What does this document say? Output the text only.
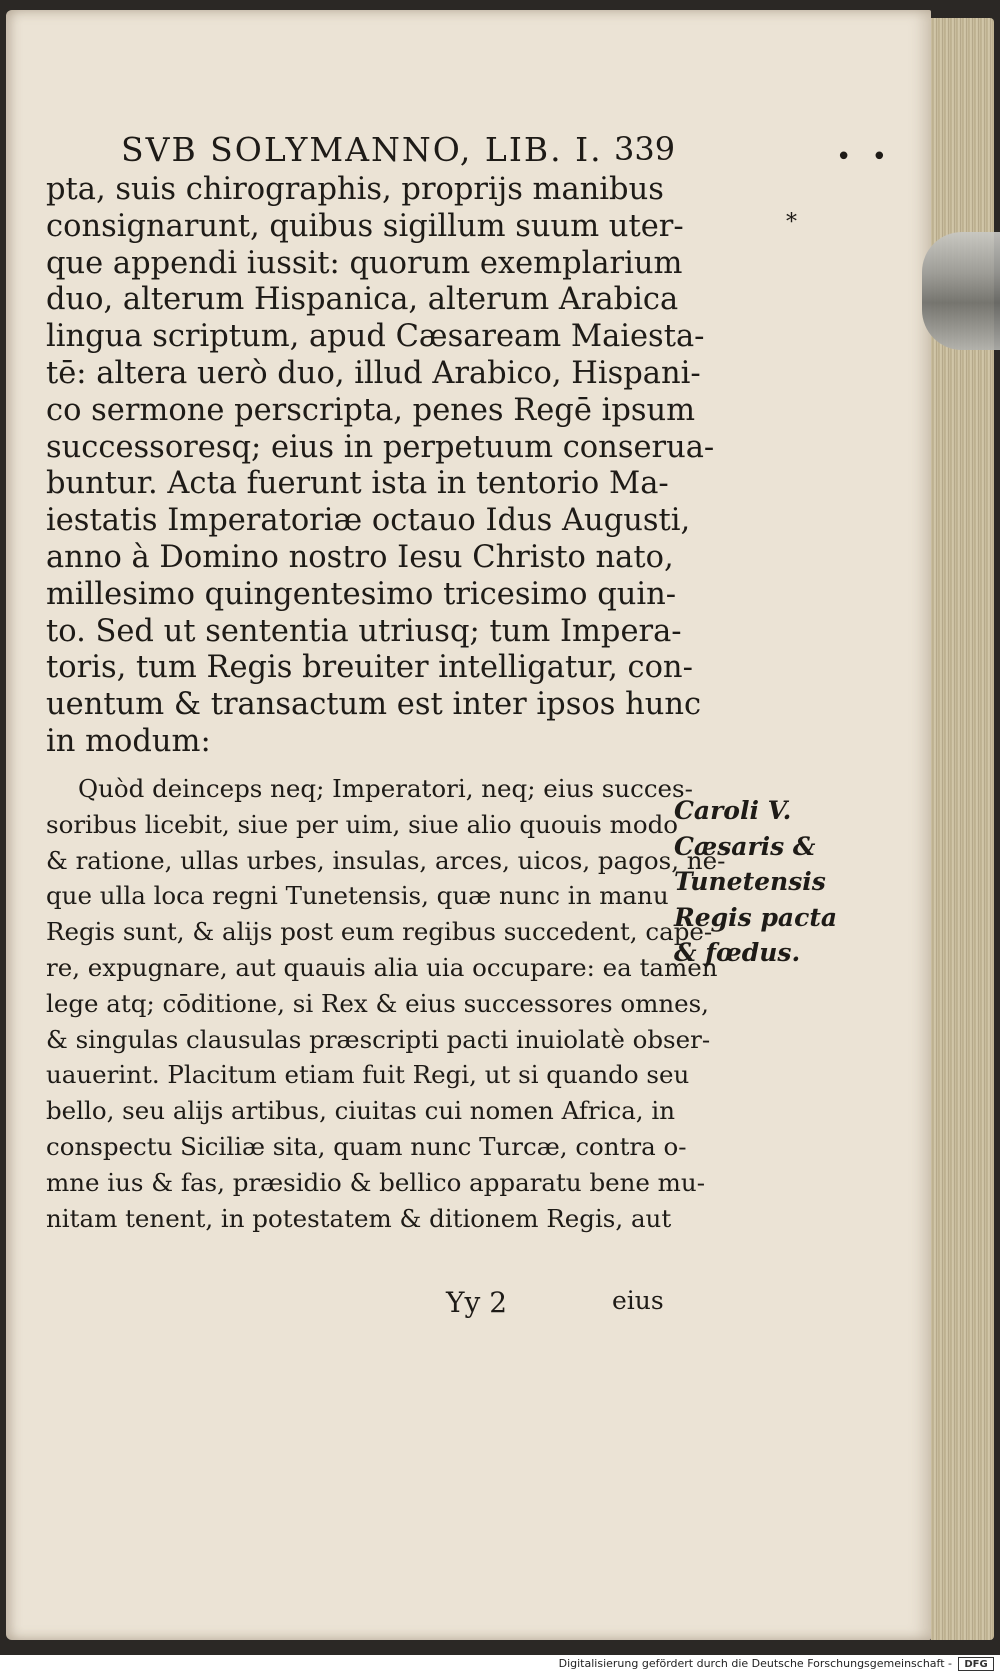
SVB SOLYMANNO, LIB. I. 339	• •
*
pta, suis chirographis, proprijs manibus
consignarunt, quibus sigillum suum uter-
que appendi iussit: quorum exemplarium
duo, alterum Hispanica, alterum Arabica
lingua scriptum, apud Cæsaream Maiesta-
tē: altera uerò duo, illud Arabico, Hispani-
co sermone perscripta, penes Regē ipsum
successoresq; eius in perpetuum conserua-
buntur. Acta fuerunt ista in tentorio Ma-
iestatis Imperatoriæ octauo Idus Augusti,
anno à Domino nostro Iesu Christo nato,
millesimo quingentesimo tricesimo quin-
to. Sed ut sententia utriusq; tum Impera-
toris, tum Regis breuiter intelligatur, con-
uentum & transactum est inter ipsos hunc
in modum:
Quòd deinceps neq; Imperatori, neq; eius succes-
soribus licebit, siue per uim, siue alio quouis modo
& ratione, ullas urbes, insulas, arces, uicos, pagos, ne-
que ulla loca regni Tunetensis, quæ nunc in manu
Regis sunt, & alijs post eum regibus succedent, cape-
re, expugnare, aut quauis alia uia occupare: ea tamen
lege atq; cōditione, si Rex & eius successores omnes,
& singulas clausulas præscripti pacti inuiolatè obser-
uauerint. Placitum etiam fuit Regi, ut si quando seu
bello, seu alijs artibus, ciuitas cui nomen Africa, in
conspectu Siciliæ sita, quam nunc Turcæ, contra o-
mne ius & fas, præsidio & bellico apparatu bene mu-
nitam tenent, in potestatem & ditionem Regis, aut
Caroli V.
Cæsaris &
Tunetensis
Regis pacta
& fœdus.
Yy 2	eius
Digitalisierung gefördert durch die Deutsche Forschungsgemeinschaft -	DFG
